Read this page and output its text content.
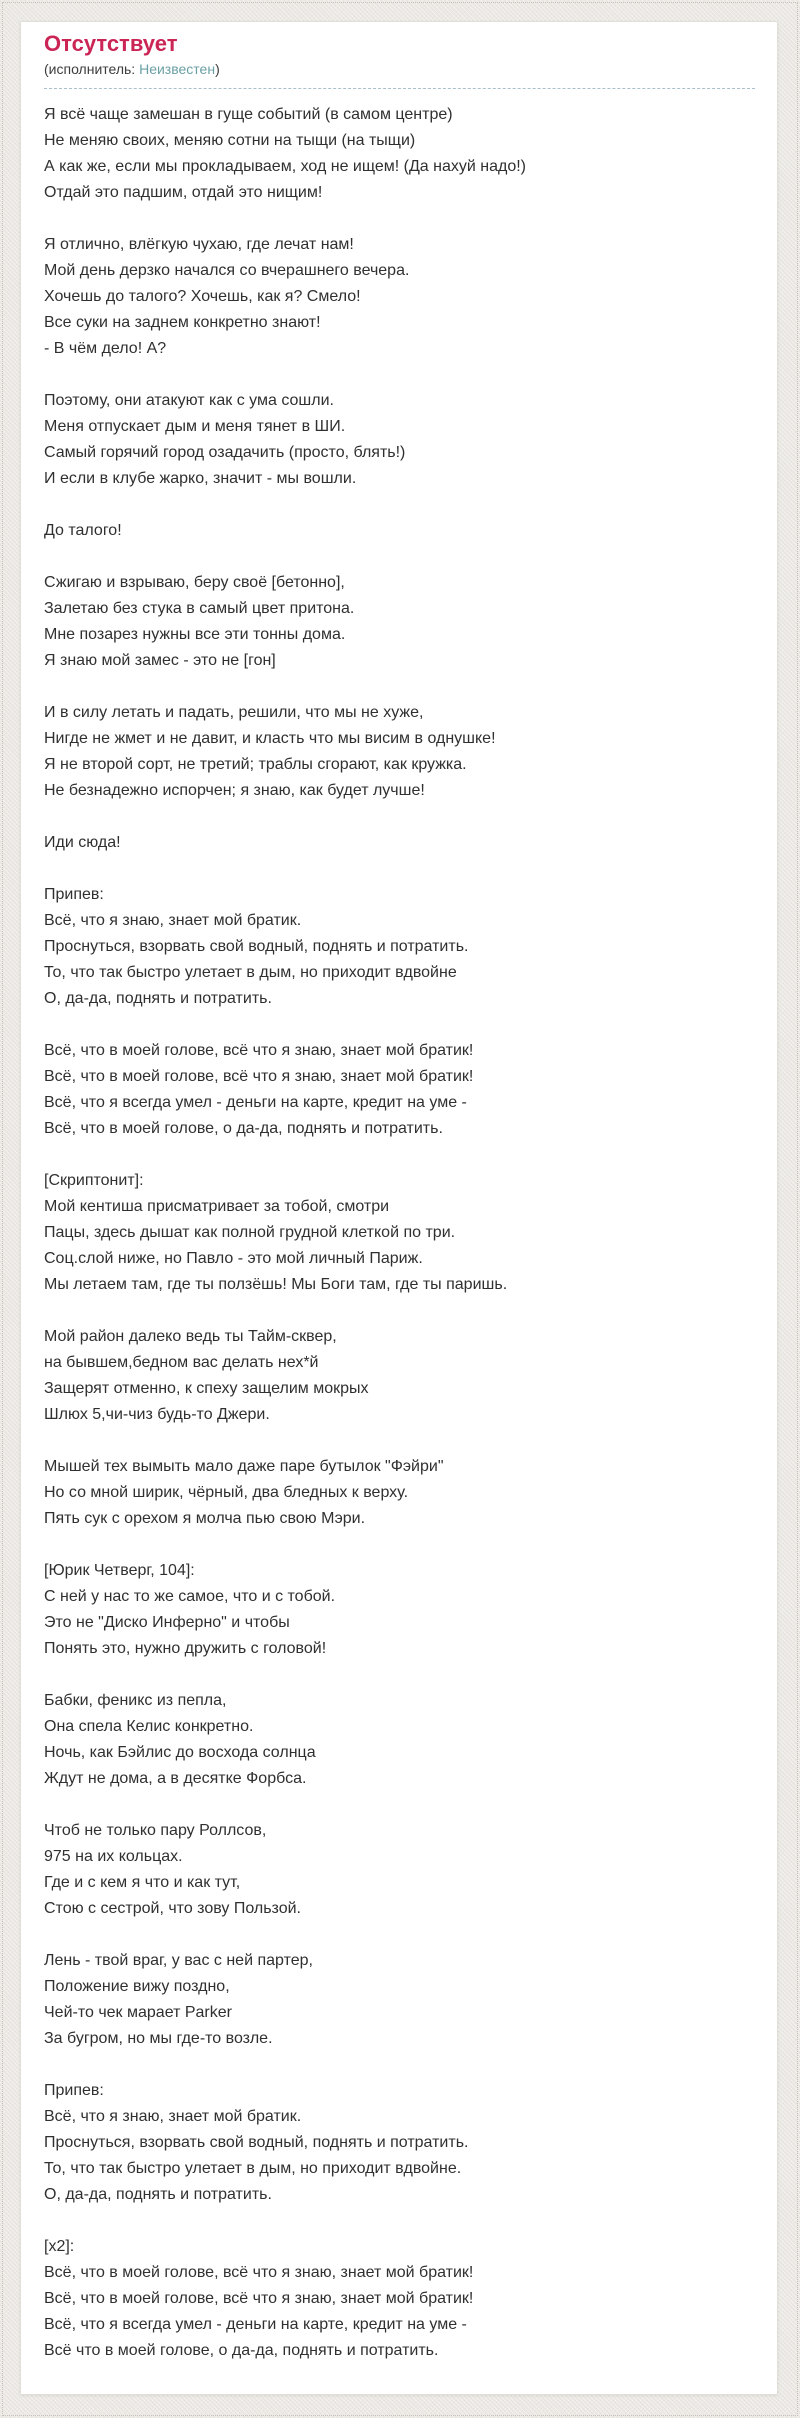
Отсутствует
(исполнитель: Неизвестен)
Я всё чаще замешан в гуще событий (в самом центре)
Не меняю своих, меняю сотни на тыщи (на тыщи)
А как же, если мы прокладываем, ход не ищем! (Да нахуй надо!)
Отдай это падшим, отдай это нищим!

Я отлично, влёгкую чухаю, где лечат нам!
Мой день дерзко начался со вчерашнего вечера.
Хочешь до талого? Хочешь, как я? Смело!
Все суки на заднем конкретно знают!
- В чём дело! А?

Поэтому, они атакуют как с ума сошли.
Меня отпускает дым и меня тянет в ШИ.
Самый горячий город озадачить (просто, блять!)
И если в клубе жарко, значит - мы вошли.

До талого!

Сжигаю и взрываю, беру своё [бетонно],
Залетаю без стука в самый цвет притона.
Мне позарез нужны все эти тонны дома.
Я знаю мой замес - это не [гон]

И в силу летать и падать, решили, что мы не хуже,
Нигде не жмет и не давит, и класть что мы висим в однушке!
Я не второй сорт, не третий; траблы сгорают, как кружка.
Не безнадежно испорчен; я знаю, как будет лучше!

Иди сюда!

Припев:
Всё, что я знаю, знает мой братик.
Проснуться, взорвать свой водный, поднять и потратить.
То, что так быстро улетает в дым, но приходит вдвойне
О, да-да, поднять и потратить.

Всё, что в моей голове, всё что я знаю, знает мой братик!
Всё, что в моей голове, всё что я знаю, знает мой братик!
Всё, что я всегда умел - деньги на карте, кредит на уме -
Всё, что в моей голове, о да-да, поднять и потратить.

[Скриптонит]:
Мой кентиша присматривает за тобой, смотри
Пацы, здесь дышат как полной грудной клеткой по три.
Соц.слой ниже, но Павло - это мой личный Париж.
Мы летаем там, где ты ползёшь! Мы Боги там, где ты паришь.

Мой район далеко ведь ты Тайм-сквер,
на бывшем,бедном вас делать нех*й
Защерят отменно, к спеху защелим мокрых
Шлюх 5,чи-чиз будь-то Джери.

Мышей тех вымыть мало даже паре бутылок "Фэйри"
Но со мной ширик, чёрный, два бледных к верху.
Пять сук с орехом я молча пью свою Мэри.

[Юрик Четверг, 104]:
С ней у нас то же самое, что и с тобой.
Это не "Диско Инферно" и чтобы
Понять это, нужно дружить с головой!

Бабки, феникс из пепла,
Она спела Келис конкретно.
Ночь, как Бэйлис до восхода солнца
Ждут не дома, а в десятке Форбса.

Чтоб не только пару Роллсов,
975 на их кольцах.
Где и с кем я что и как тут,
Стою с сестрой, что зову Пользой.

Лень - твой враг, у вас с ней партер,
Положение вижу поздно,
Чей-то чек марает Parker
За бугром, но мы где-то возле.

Припев:
Всё, что я знаю, знает мой братик.
Проснуться, взорвать свой водный, поднять и потратить.
То, что так быстро улетает в дым, но приходит вдвойне.
О, да-да, поднять и потратить.

[x2]:
Всё, что в моей голове, всё что я знаю, знает мой братик!
Всё, что в моей голове, всё что я знаю, знает мой братик!
Всё, что я всегда умел - деньги на карте, кредит на уме -
Всё что в моей голове, о да-да, поднять и потратить.
